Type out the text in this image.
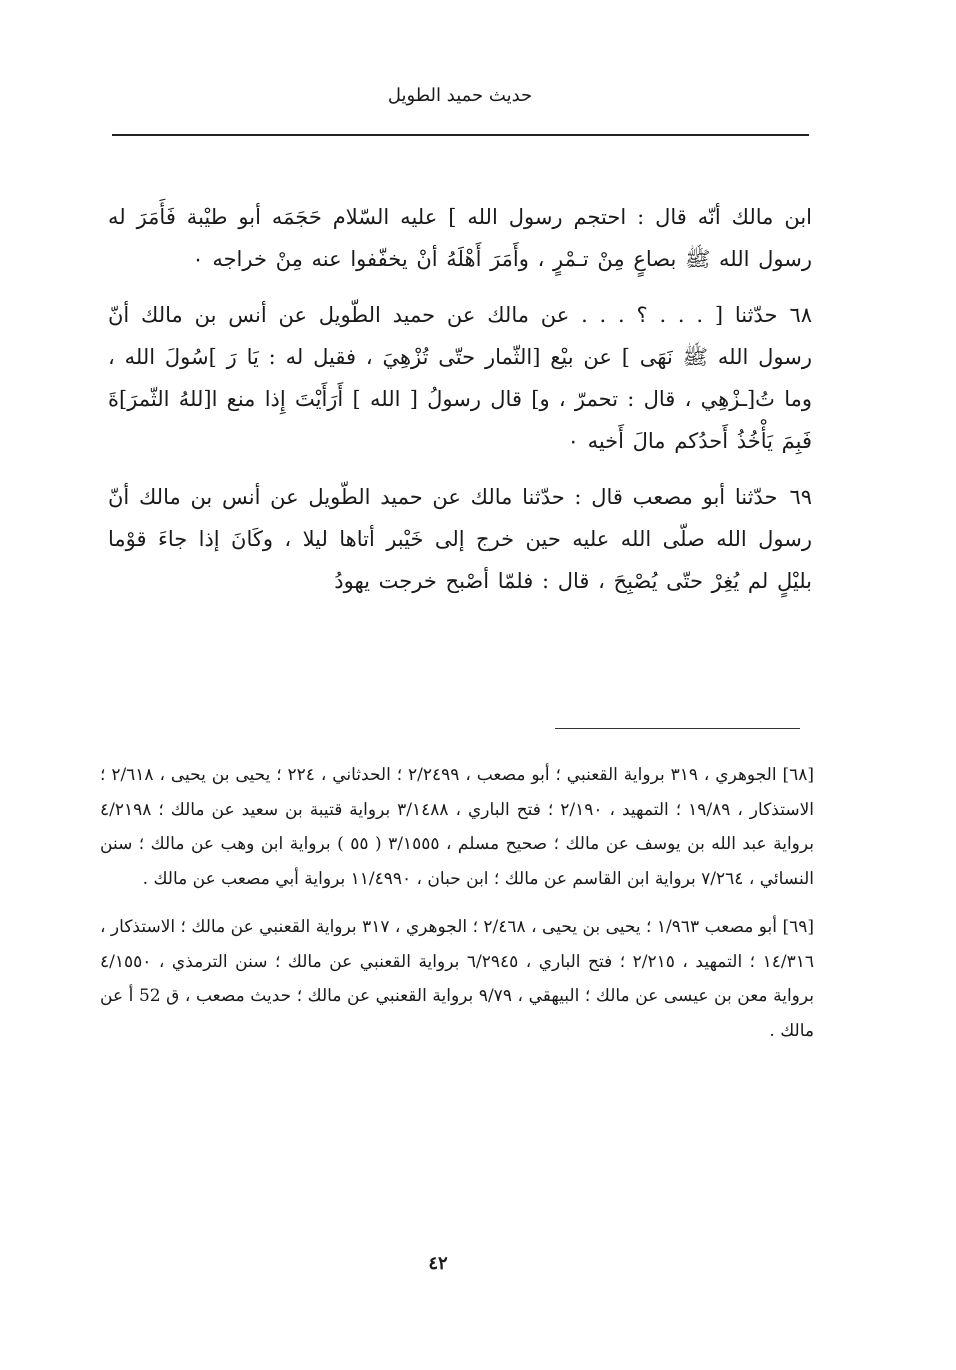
حديث حميد الطويل

ابن مالك أنّه قال : احتجم رسول الله ] عليه السّلام حَجَمَه أبو طيْبة فَأَمَرَ له رسول الله ﷺ بصاعٍ مِنْ تـمْرٍ ، وأَمَرَ أَهْلَهُ أنْ يخفّفوا عنه مِنْ خراجه ٠

٦٨حدّثنا [ . . . ؟ . . . عن مالك عن حميد الطّويل عن أنس بن مالك أنّ رسول الله ﷺ نَهَى ] عن بيْع [الثّمار حتّى تُزْهِيَ ، فقيل له : يَا رَ ]سُولَ الله ، وما تُ[ـزْهِي ، قال : تحمرّ ، و] قال رسولُ [ الله ] أَرَأَيْتَ إِذا منع ا[للهُ الثّمرَ]ةَ فَبِمَ يَأْخُذُ أَحدُكم مالَ أَخيه ٠

٦٩حدّثنا أبو مصعب قال : حدّثنا مالك عن حميد الطّويل عن أنس بن مالك أنّ رسول الله صلّى الله عليه حين خرج إلى خَيْبر أتاها ليلا ، وكَانَ إذا جاءَ قوْما بليْلٍ لم يُغِرْ حتّى يُصْبِحَ ، قال : فلمّا أصْبح خرجت يهودُ

[٦٨] الجوهري ، ٣١٩ برواية القعنبي ؛ أبو مصعب ، ٢/٢٤٩٩ ؛ الحدثاني ، ٢٢٤ ؛ يحيى بن يحيى ، ٢/٦١٨ ؛ الاستذكار ، ١٩/٨٩ ؛ التمهيد ، ٢/١٩٠ ؛ فتح الباري ، ٣/١٤٨٨ برواية قتيبة بن سعيد عن مالك ؛ ٤/٢١٩٨ برواية عبد الله بن يوسف عن مالك ؛ صحيح مسلم ، ٣/١٥٥٥ ( ٥٥ ) برواية ابن وهب عن مالك ؛ سنن النسائي ، ٧/٢٦٤ برواية ابن القاسم عن مالك ؛ ابن حبان ، ١١/٤٩٩٠ برواية أبي مصعب عن مالك .

[٦٩] أبو مصعب ١/٩٦٣ ؛ يحيى بن يحيى ، ٢/٤٦٨ ؛ الجوهري ، ٣١٧ برواية القعنبي عن مالك ؛ الاستذكار ، ١٤/٣١٦ ؛ التمهيد ، ٢/٢١٥ ؛ فتح الباري ، ٦/٢٩٤٥ برواية القعنبي عن مالك ؛ سنن الترمذي ، ٤/١٥٥٠ برواية معن بن عيسى عن مالك ؛ البيهقي ، ٩/٧٩ برواية القعنبي عن مالك ؛ حديث مصعب ، ق 52 أ عن مالك .

٤٢
